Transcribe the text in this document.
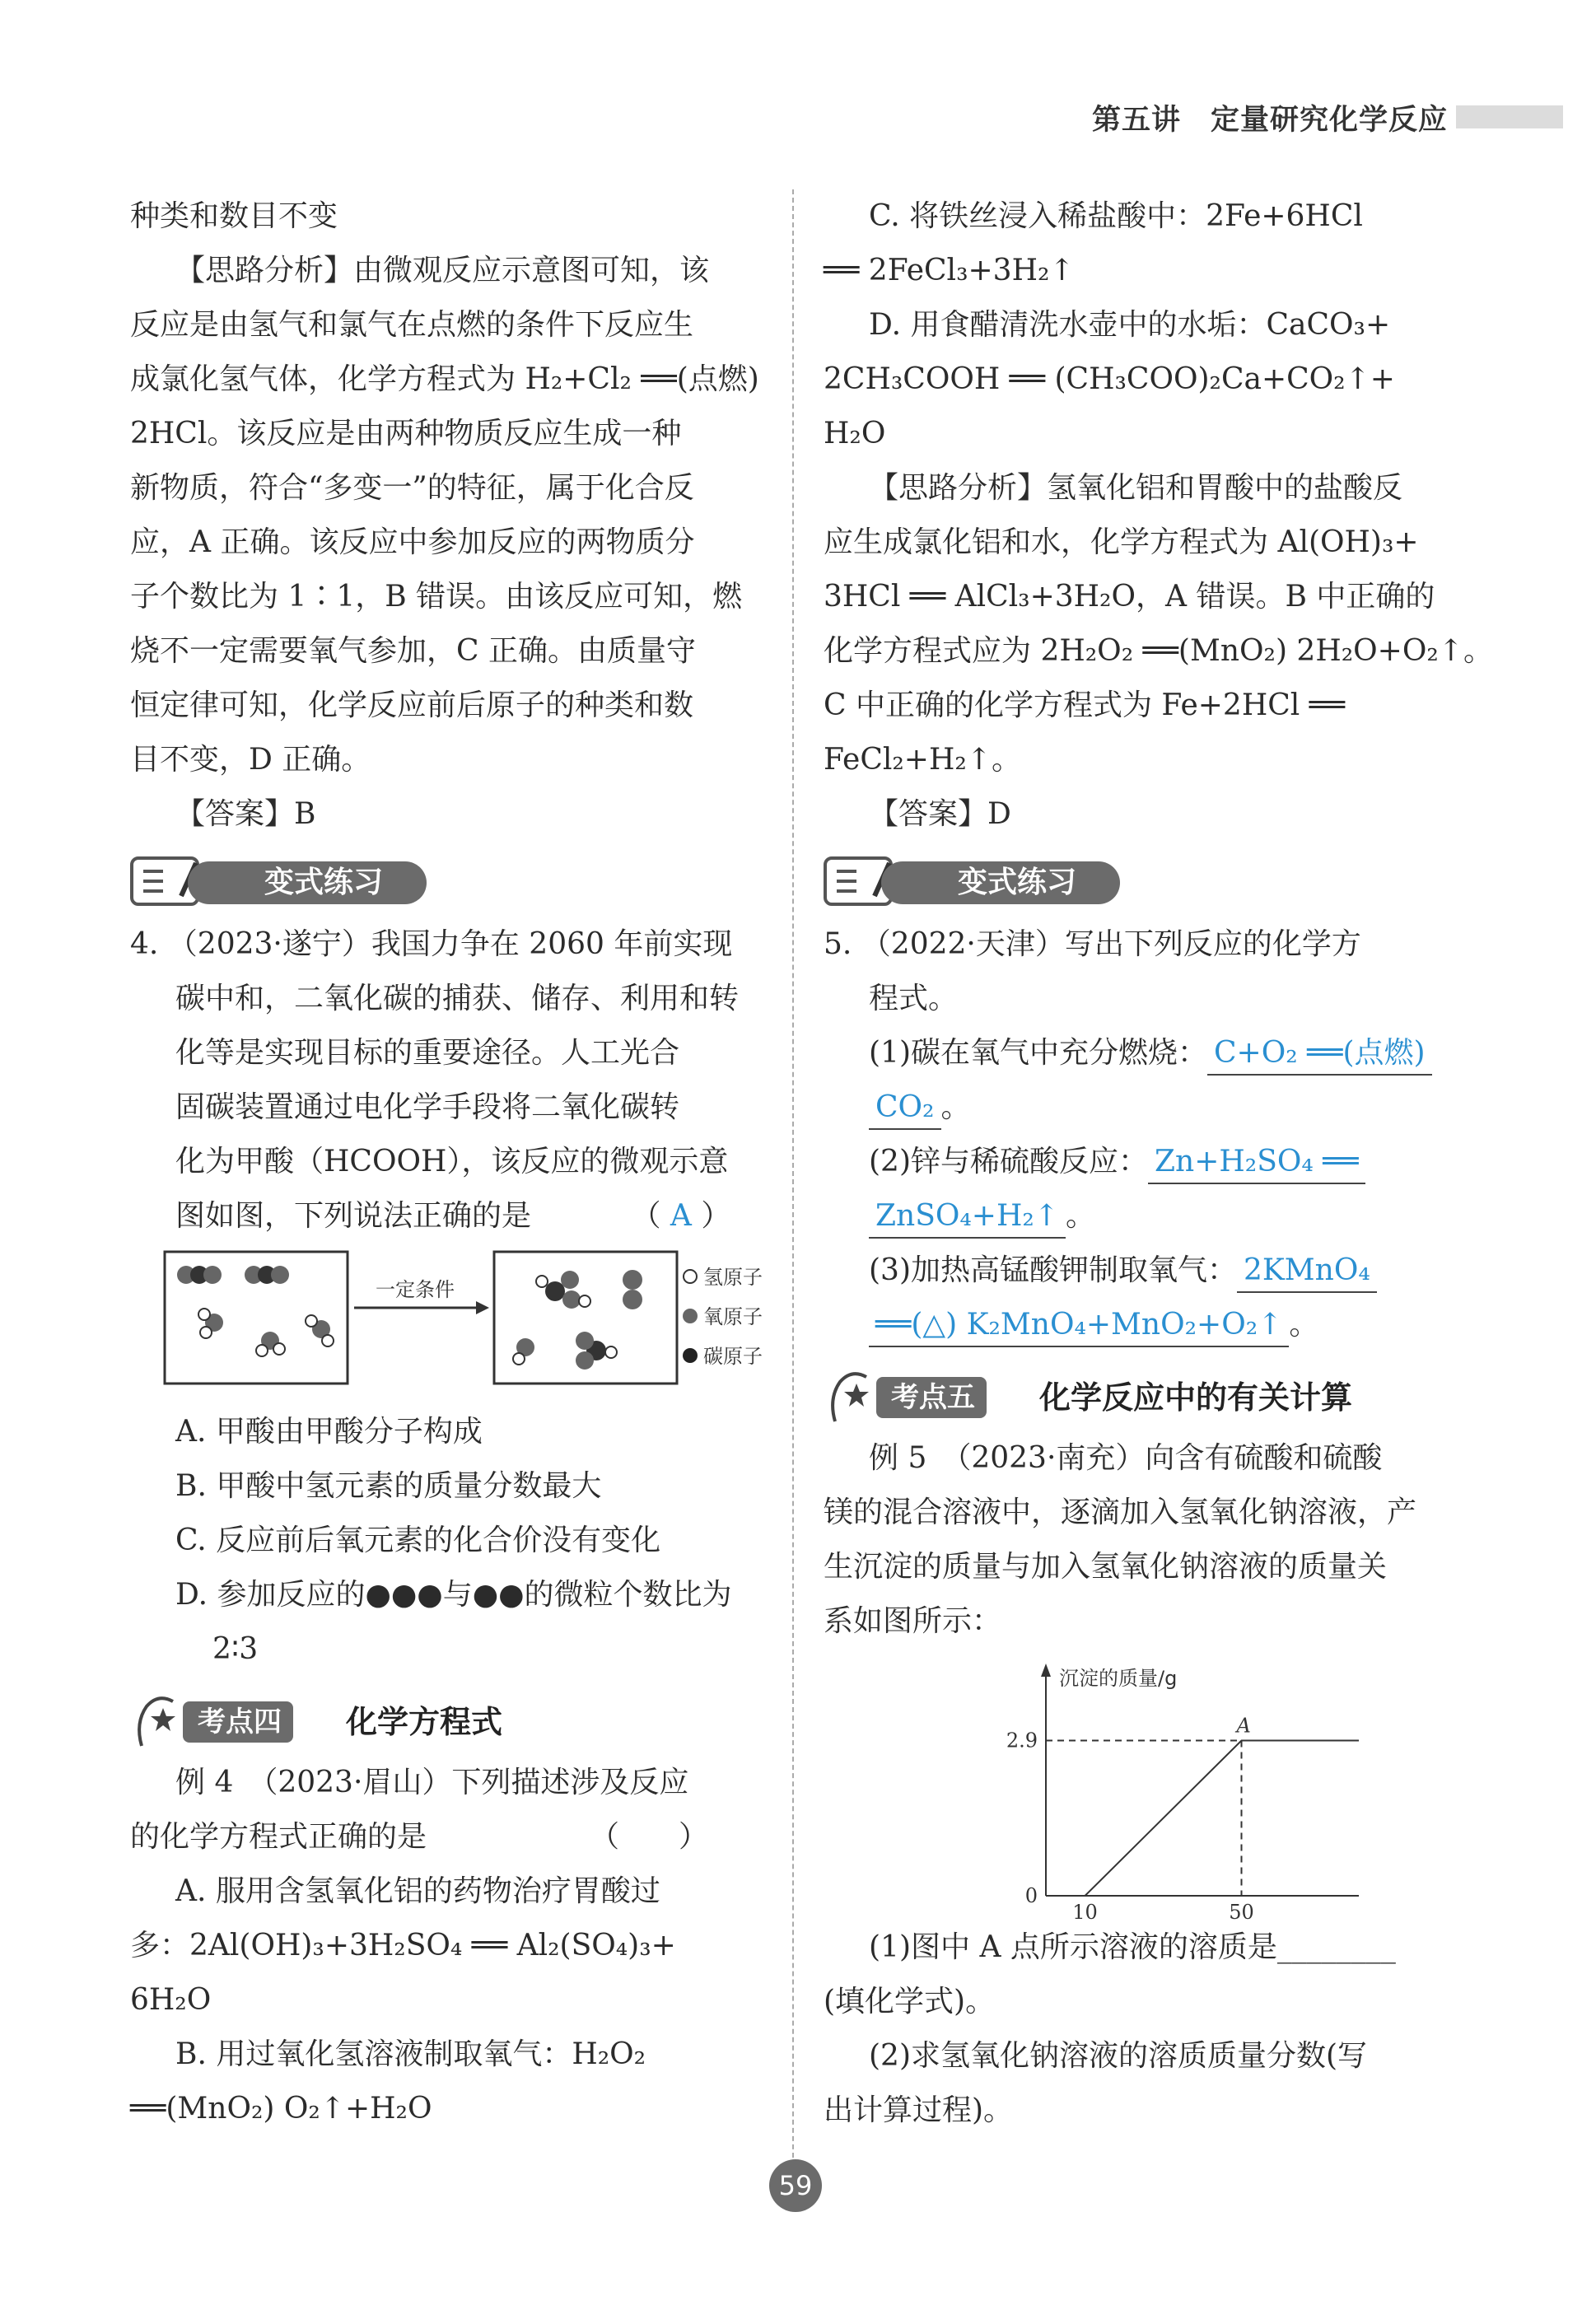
第五讲　定量研究化学反应

种类和数目不变

【思路分析】由微观反应示意图可知，该

反应是由氢气和氯气在点燃的条件下反应生

成氯化氢气体，化学方程式为 H₂+Cl₂ ══(点燃)

2HCl。该反应是由两种物质反应生成一种

新物质，符合“多变一”的特征，属于化合反

应，A 正确。该反应中参加反应的两物质分

子个数比为 1∶1，B 错误。由该反应可知，燃

烧不一定需要氧气参加，C 正确。由质量守

恒定律可知，化学反应前后原子的种类和数

目不变，D 正确。

【答案】B

变式练习

4. （2023·遂宁）我国力争在 2060 年前实现

碳中和，二氧化碳的捕获、储存、利用和转

化等是实现目标的重要途径。人工光合

固碳装置通过电化学手段将二氧化碳转

化为甲酸（HCOOH），该反应的微观示意

图如图，下列说法正确的是	（ A ）

一定条件
氢原子
氧原子
碳原子

A. 甲酸由甲酸分子构成

B. 甲酸中氢元素的质量分数最大

C. 反应前后氧元素的化合价没有变化

D. 参加反应的●●●与●●的微粒个数比为

2∶3

考点四	化学方程式

例 4　（2023·眉山）下列描述涉及反应

的化学方程式正确的是　　　　　　（　　）

A. 服用含氢氧化铝的药物治疗胃酸过

多：2Al(OH)₃+3H₂SO₄ ══ Al₂(SO₄)₃+

6H₂O

B. 用过氧化氢溶液制取氧气：H₂O₂

══(MnO₂) O₂↑+H₂O

C. 将铁丝浸入稀盐酸中：2Fe+6HCl

══ 2FeCl₃+3H₂↑

D. 用食醋清洗水壶中的水垢：CaCO₃+

2CH₃COOH ══ (CH₃COO)₂Ca+CO₂↑+

H₂O

【思路分析】氢氧化铝和胃酸中的盐酸反

应生成氯化铝和水，化学方程式为 Al(OH)₃+

3HCl ══ AlCl₃+3H₂O，A 错误。B 中正确的

化学方程式应为 2H₂O₂ ══(MnO₂) 2H₂O+O₂↑。

C 中正确的化学方程式为 Fe+2HCl ══

FeCl₂+H₂↑。

【答案】D

变式练习

5. （2022·天津）写出下列反应的化学方

程式。

(1)碳在氧气中充分燃烧： C+O₂ ══(点燃)

CO₂ 。

(2)锌与稀硫酸反应： Zn+H₂SO₄ ══

ZnSO₄+H₂↑ 。

(3)加热高锰酸钾制取氧气： 2KMnO₄

══(△) K₂MnO₄+MnO₂+O₂↑ 。

考点五	化学反应中的有关计算

例 5　（2023·南充）向含有硫酸和硫酸

镁的混合溶液中，逐滴加入氢氧化钠溶液，产

生沉淀的质量与加入氢氧化钠溶液的质量关

系如图所示：

沉淀的质量/g
A
0
2.9
10	50

(1)图中 A 点所示溶液的溶质是________

(填化学式)。

(2)求氢氧化钠溶液的溶质质量分数(写

出计算过程)。

59
